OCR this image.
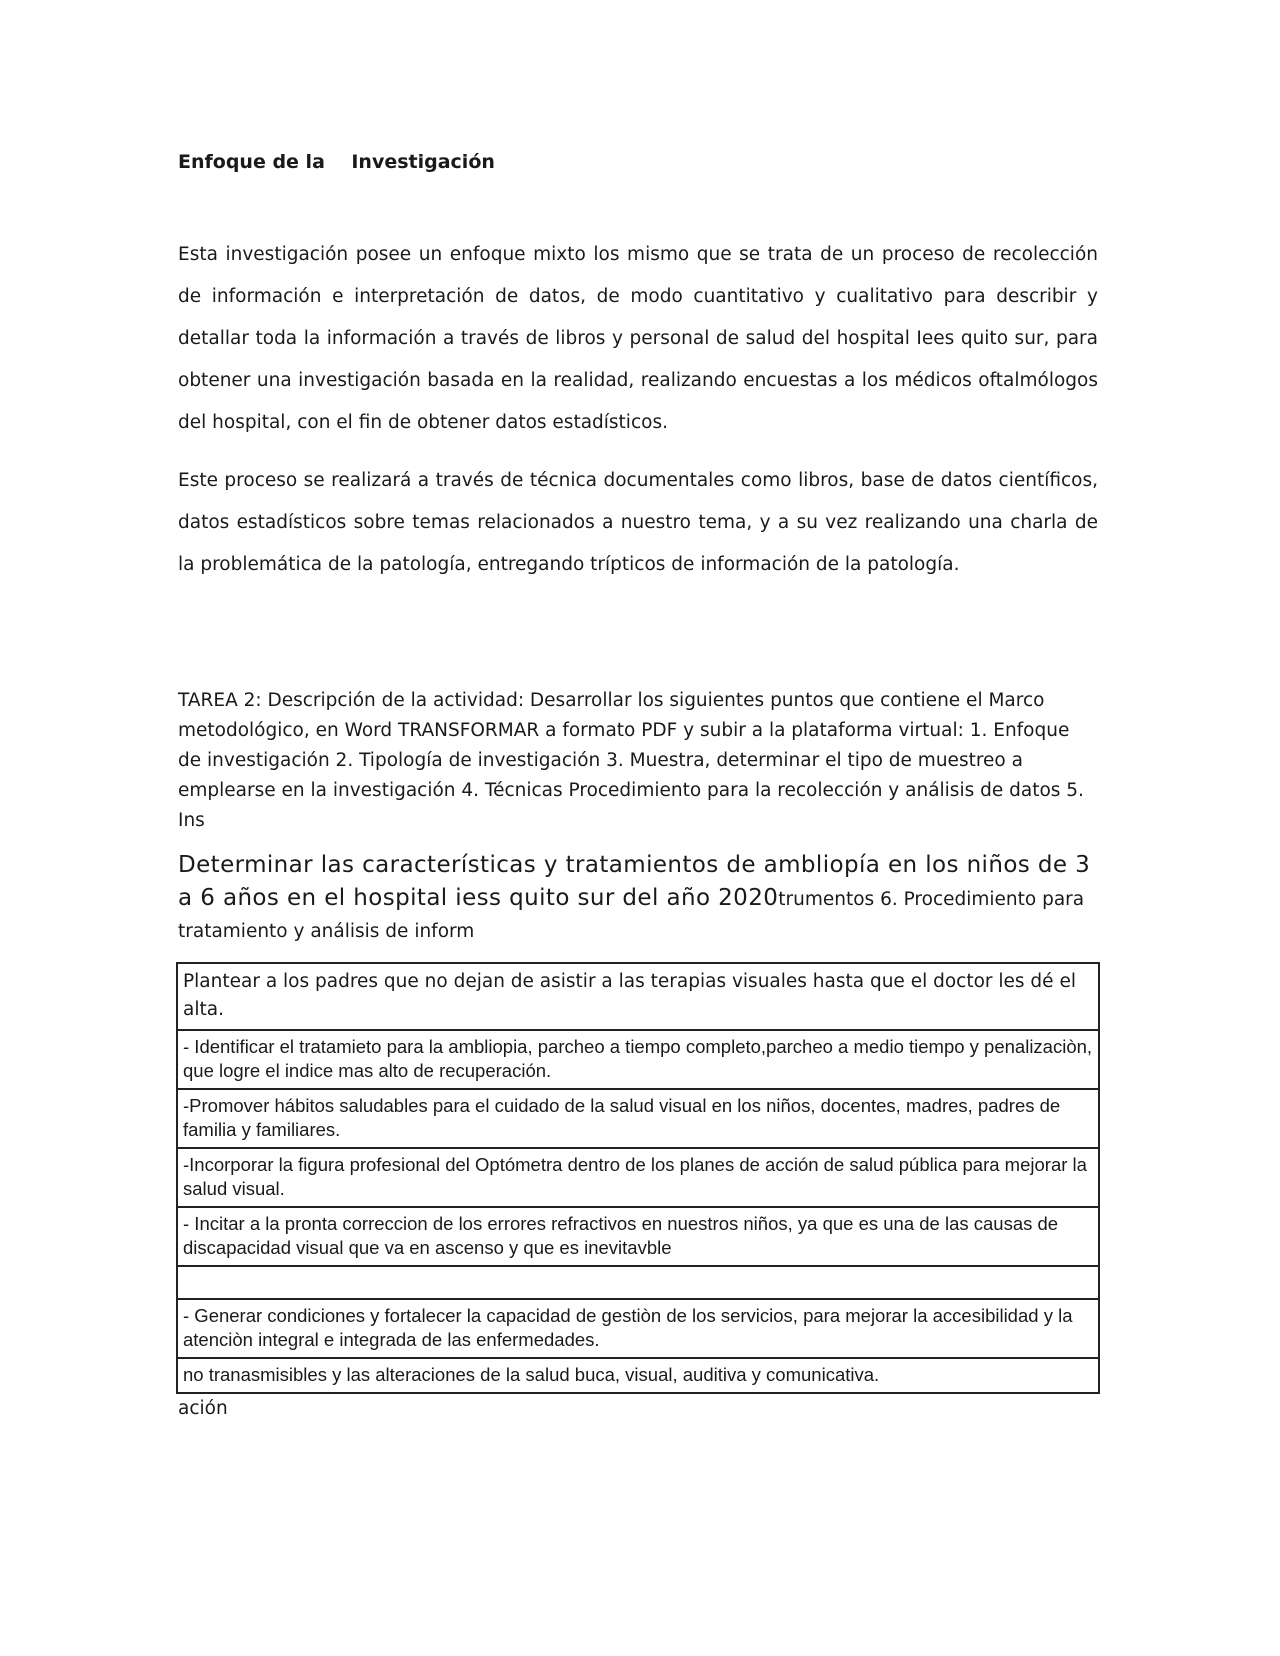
Enfoque de la    Investigación

Esta investigación posee un enfoque mixto los mismo que se trata de un proceso de recolección de información e interpretación de datos, de modo cuantitativo y cualitativo para describir y detallar toda la información a través de libros y personal de salud del hospital Iees quito sur, para obtener una investigación basada en la realidad, realizando encuestas a los médicos oftalmólogos del hospital, con el fin de obtener datos estadísticos.

Este proceso se realizará a través de técnica documentales como libros, base de datos científicos, datos estadísticos sobre temas relacionados a nuestro tema, y a su vez realizando una charla de la problemática de la patología, entregando trípticos de información de la patología.

TAREA 2: Descripción de la actividad: Desarrollar los siguientes puntos que contiene el Marco metodológico, en Word TRANSFORMAR a formato PDF y subir a la plataforma virtual: 1. Enfoque de investigación 2. Tipología de investigación 3. Muestra, determinar el tipo de muestreo a emplearse en la investigación 4. Técnicas Procedimiento para la recolección y análisis de datos 5. Ins

Determinar las características y tratamientos de ambliopía en los niños de 3 a 6 años en el hospital iess quito sur del año 2020trumentos 6. Procedimiento para tratamiento y análisis de inform

Plantear a los padres que no dejan de asistir a las terapias visuales hasta que el doctor les dé el alta.
- Identificar el tratamieto para la ambliopia, parcheo a tiempo completo,parcheo a medio tiempo y penalizaciòn, que logre el indice mas alto de recuperación.
-Promover hábitos saludables para el cuidado de la salud visual en los niños, docentes, madres, padres de familia y familiares.
-Incorporar la figura profesional del Optómetra dentro de los planes de acción de salud pública para mejorar la salud visual.
- Incitar a la pronta correccion de los errores refractivos en nuestros niños, ya que es una de las causas de discapacidad visual que va en ascenso y que es inevitavble

- Generar condiciones y fortalecer la capacidad de gestiòn de los servicios, para mejorar la accesibilidad y la atenciòn integral e integrada de las enfermedades.
no tranasmisibles y las alteraciones de la salud buca, visual, auditiva y comunicativa.

ación
